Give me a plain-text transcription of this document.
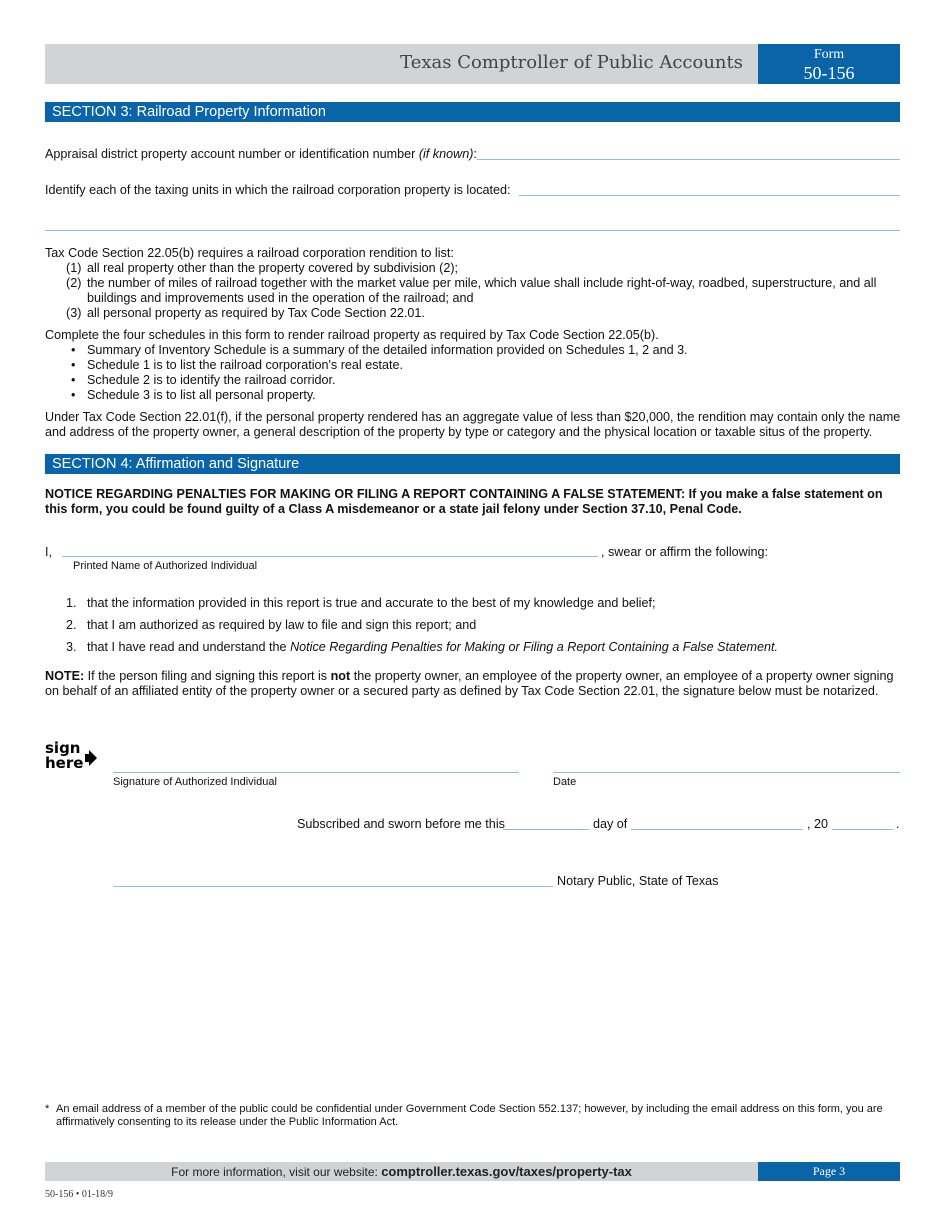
Texas Comptroller of Public Accounts	Form
50-156
SECTION 3: Railroad Property Information
Appraisal district property account number or identification number (if known):
Identify each of the taxing units in which the railroad corporation property is located:
Tax Code Section 22.05(b) requires a railroad corporation rendition to list:
(1) all real property other than the property covered by subdivision (2);
(2) the number of miles of railroad together with the market value per mile, which value shall include right-of-way, roadbed, superstructure, and all
buildings and improvements used in the operation of the railroad; and
(3) all personal property as required by Tax Code Section 22.01.
Complete the four schedules in this form to render railroad property as required by Tax Code Section 22.05(b).
• Summary of Inventory Schedule is a summary of the detailed information provided on Schedules 1, 2 and 3.
• Schedule 1 is to list the railroad corporation's real estate.
• Schedule 2 is to identify the railroad corridor.
• Schedule 3 is to list all personal property.
Under Tax Code Section 22.01(f), if the personal property rendered has an aggregate value of less than $20,000, the rendition may contain only the name
and address of the property owner, a general description of the property by type or category and the physical location or taxable situs of the property.
SECTION 4: Affirmation and Signature
NOTICE REGARDING PENALTIES FOR MAKING OR FILING A REPORT CONTAINING A FALSE STATEMENT: If you make a false statement on
this form, you could be found guilty of a Class A misdemeanor or a state jail felony under Section 37.10, Penal Code.
I,	, swear or affirm the following:
Printed Name of Authorized Individual
1. that the information provided in this report is true and accurate to the best of my knowledge and belief;
2. that I am authorized as required by law to file and sign this report; and
3. that I have read and understand the Notice Regarding Penalties for Making or Filing a Report Containing a False Statement.
NOTE: If the person filing and signing this report is not the property owner, an employee of the property owner, an employee of a property owner signing
on behalf of an affiliated entity of the property owner or a secured party as defined by Tax Code Section 22.01, the signature below must be notarized.
sign
here
Signature of Authorized Individual	Date
Subscribed and sworn before me this	day of	, 20	.
Notary Public, State of Texas
* An email address of a member of the public could be confidential under Government Code Section 552.137; however, by including the email address on this form, you are
affirmatively consenting to its release under the Public Information Act.
For more information, visit our website: comptroller.texas.gov/taxes/property-tax	Page 3
50-156 • 01-18/9
